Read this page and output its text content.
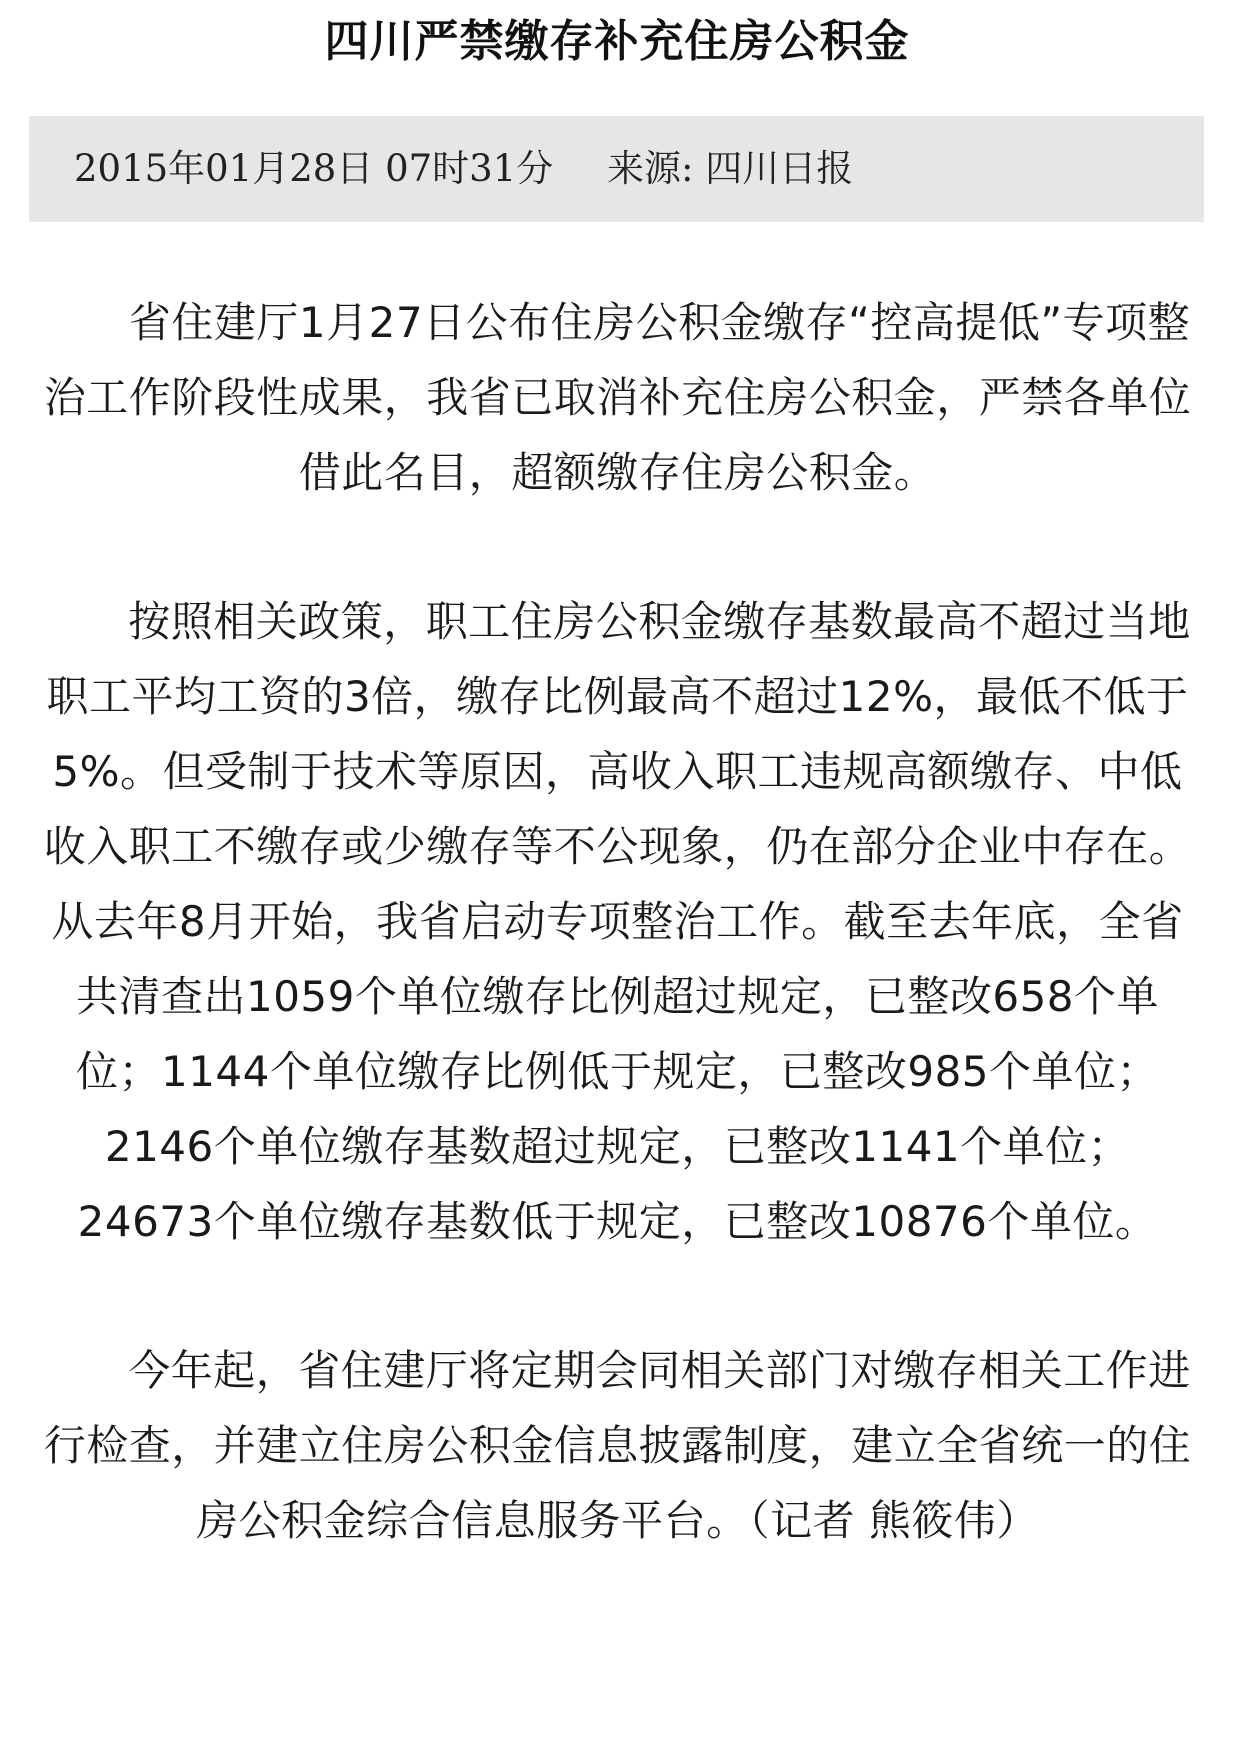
四川严禁缴存补充住房公积金
2015年01月28日 07时31分 来源: 四川日报

省住建厅1月27日公布住房公积金缴存“控高提低”专项整治工作阶段性成果，我省已取消补充住房公积金，严禁各单位借此名目，超额缴存住房公积金。

按照相关政策，职工住房公积金缴存基数最高不超过当地职工平均工资的3倍，缴存比例最高不超过12%，最低不低于5%。但受制于技术等原因，高收入职工违规高额缴存、中低收入职工不缴存或少缴存等不公现象，仍在部分企业中存在。从去年8月开始，我省启动专项整治工作。截至去年底，全省共清查出1059个单位缴存比例超过规定，已整改658个单位；1144个单位缴存比例低于规定，已整改985个单位；2146个单位缴存基数超过规定，已整改1141个单位；24673个单位缴存基数低于规定，已整改10876个单位。

今年起，省住建厅将定期会同相关部门对缴存相关工作进行检查，并建立住房公积金信息披露制度，建立全省统一的住房公积金综合信息服务平台。（记者 熊筱伟）
